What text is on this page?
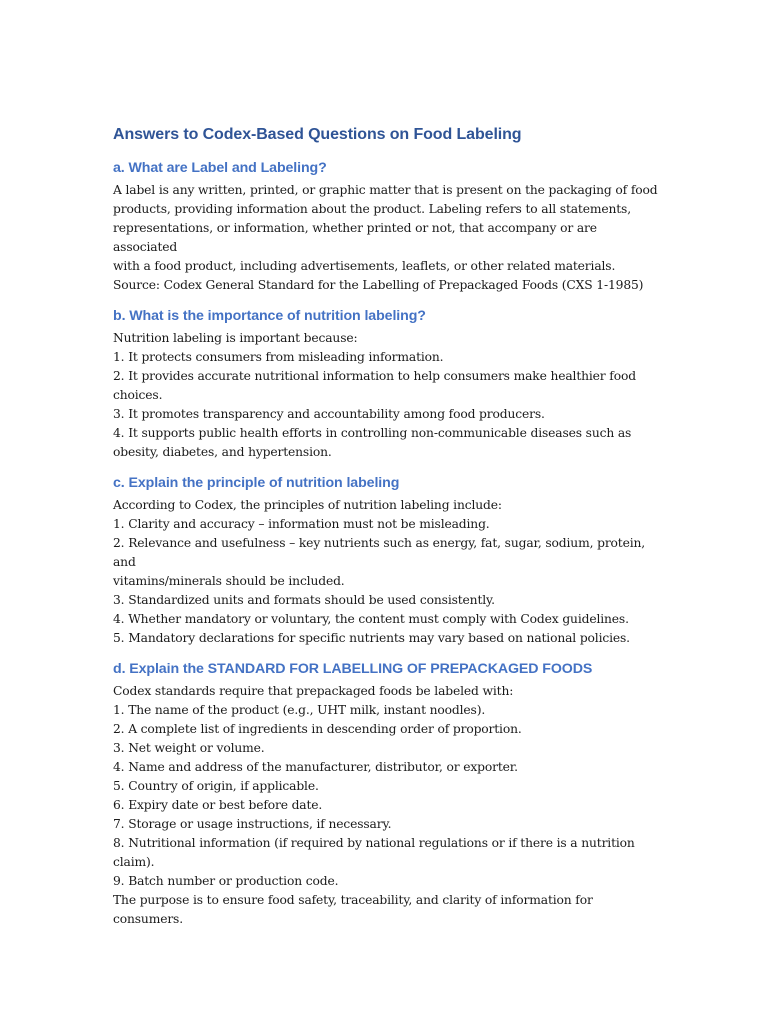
Answers to Codex-Based Questions on Food Labeling
a. What are Label and Labeling?

A label is any written, printed, or graphic matter that is present on the packaging of food

products, providing information about the product. Labeling refers to all statements,

representations, or information, whether printed or not, that accompany or are associated

with a food product, including advertisements, leaflets, or other related materials.

Source: Codex General Standard for the Labelling of Prepackaged Foods (CXS 1-1985)

b. What is the importance of nutrition labeling?

Nutrition labeling is important because:

1. It protects consumers from misleading information.

2. It provides accurate nutritional information to help consumers make healthier food

choices.

3. It promotes transparency and accountability among food producers.

4. It supports public health efforts in controlling non-communicable diseases such as

obesity, diabetes, and hypertension.

c. Explain the principle of nutrition labeling

According to Codex, the principles of nutrition labeling include:

1. Clarity and accuracy – information must not be misleading.

2. Relevance and usefulness – key nutrients such as energy, fat, sugar, sodium, protein, and

vitamins/minerals should be included.

3. Standardized units and formats should be used consistently.

4. Whether mandatory or voluntary, the content must comply with Codex guidelines.

5. Mandatory declarations for specific nutrients may vary based on national policies.

d. Explain the STANDARD FOR LABELLING OF PREPACKAGED FOODS

Codex standards require that prepackaged foods be labeled with:

1. The name of the product (e.g., UHT milk, instant noodles).

2. A complete list of ingredients in descending order of proportion.

3. Net weight or volume.

4. Name and address of the manufacturer, distributor, or exporter.

5. Country of origin, if applicable.

6. Expiry date or best before date.

7. Storage or usage instructions, if necessary.

8. Nutritional information (if required by national regulations or if there is a nutrition

claim).

9. Batch number or production code.

The purpose is to ensure food safety, traceability, and clarity of information for consumers.
